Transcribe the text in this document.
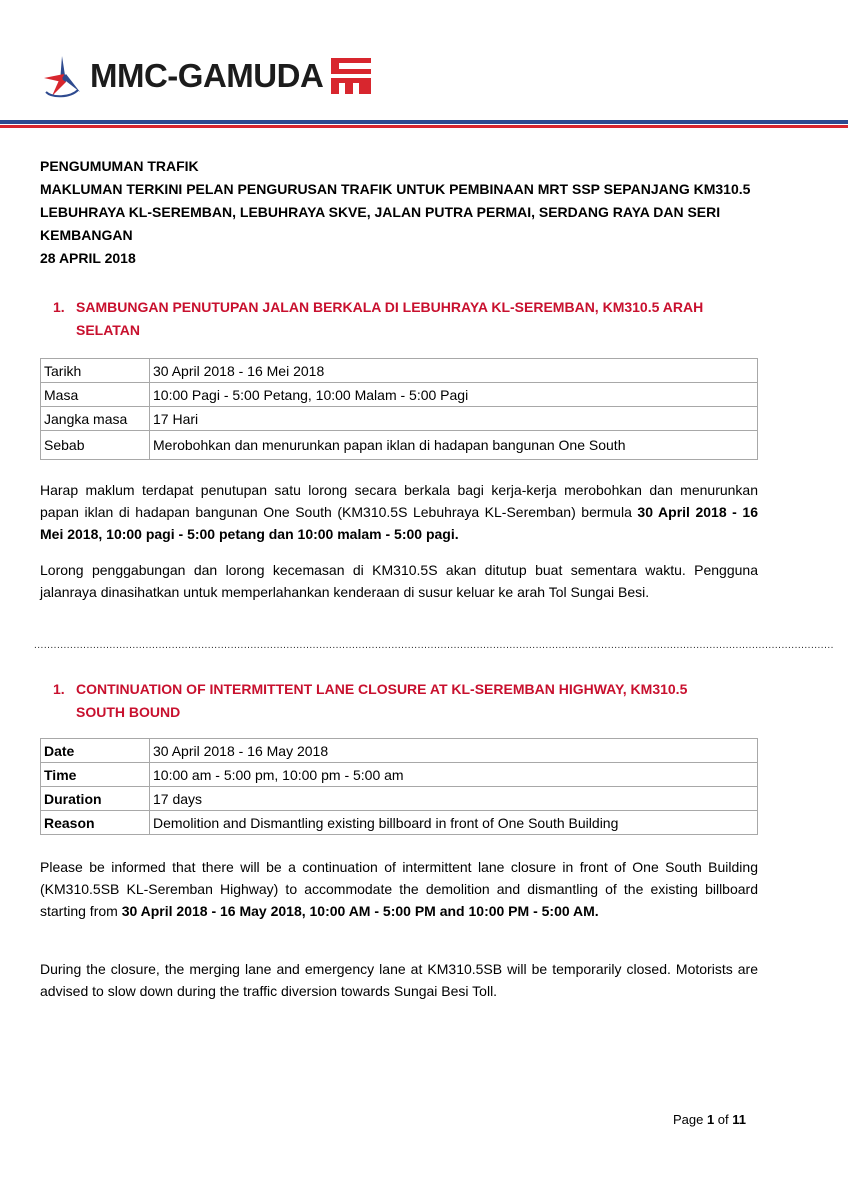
MMC-GAMUDA
PENGUMUMAN TRAFIK
MAKLUMAN TERKINI PELAN PENGURUSAN TRAFIK UNTUK PEMBINAAN MRT SSP SEPANJANG KM310.5 LEBUHRAYA KL-SEREMBAN, LEBUHRAYA SKVE, JALAN PUTRA PERMAI, SERDANG RAYA DAN SERI KEMBANGAN
28 APRIL 2018
1. SAMBUNGAN PENUTUPAN JALAN BERKALA DI LEBUHRAYA KL-SEREMBAN, KM310.5 ARAH SELATAN
Tarikh	30 April 2018 - 16 Mei 2018
Masa	10:00 Pagi - 5:00 Petang, 10:00 Malam - 5:00 Pagi
Jangka masa	17 Hari
Sebab	Merobohkan dan menurunkan papan iklan di hadapan bangunan One South
Harap maklum terdapat penutupan satu lorong secara berkala bagi kerja-kerja merobohkan dan menurunkan papan iklan di hadapan bangunan One South (KM310.5S Lebuhraya KL-Seremban) bermula 30 April 2018 - 16 Mei 2018, 10:00 pagi - 5:00 petang dan 10:00 malam - 5:00 pagi.
Lorong penggabungan dan lorong kecemasan di KM310.5S akan ditutup buat sementara waktu. Pengguna jalanraya dinasihatkan untuk memperlahankan kenderaan di susur keluar ke arah Tol Sungai Besi.
....................................................................................................................................................................................................................................................
1. CONTINUATION OF INTERMITTENT LANE CLOSURE AT KL-SEREMBAN HIGHWAY, KM310.5 SOUTH BOUND
Date	30 April 2018 - 16 May 2018
Time	10:00 am - 5:00 pm, 10:00 pm - 5:00 am
Duration	17 days
Reason	Demolition and Dismantling existing billboard in front of One South Building
Please be informed that there will be a continuation of intermittent lane closure in front of One South Building (KM310.5SB KL-Seremban Highway) to accommodate the demolition and dismantling of the existing billboard starting from 30 April 2018 - 16 May 2018, 10:00 AM - 5:00 PM and 10:00 PM - 5:00 AM.
During the closure, the merging lane and emergency lane at KM310.5SB will be temporarily closed. Motorists are advised to slow down during the traffic diversion towards Sungai Besi Toll.
Page 1 of 11
